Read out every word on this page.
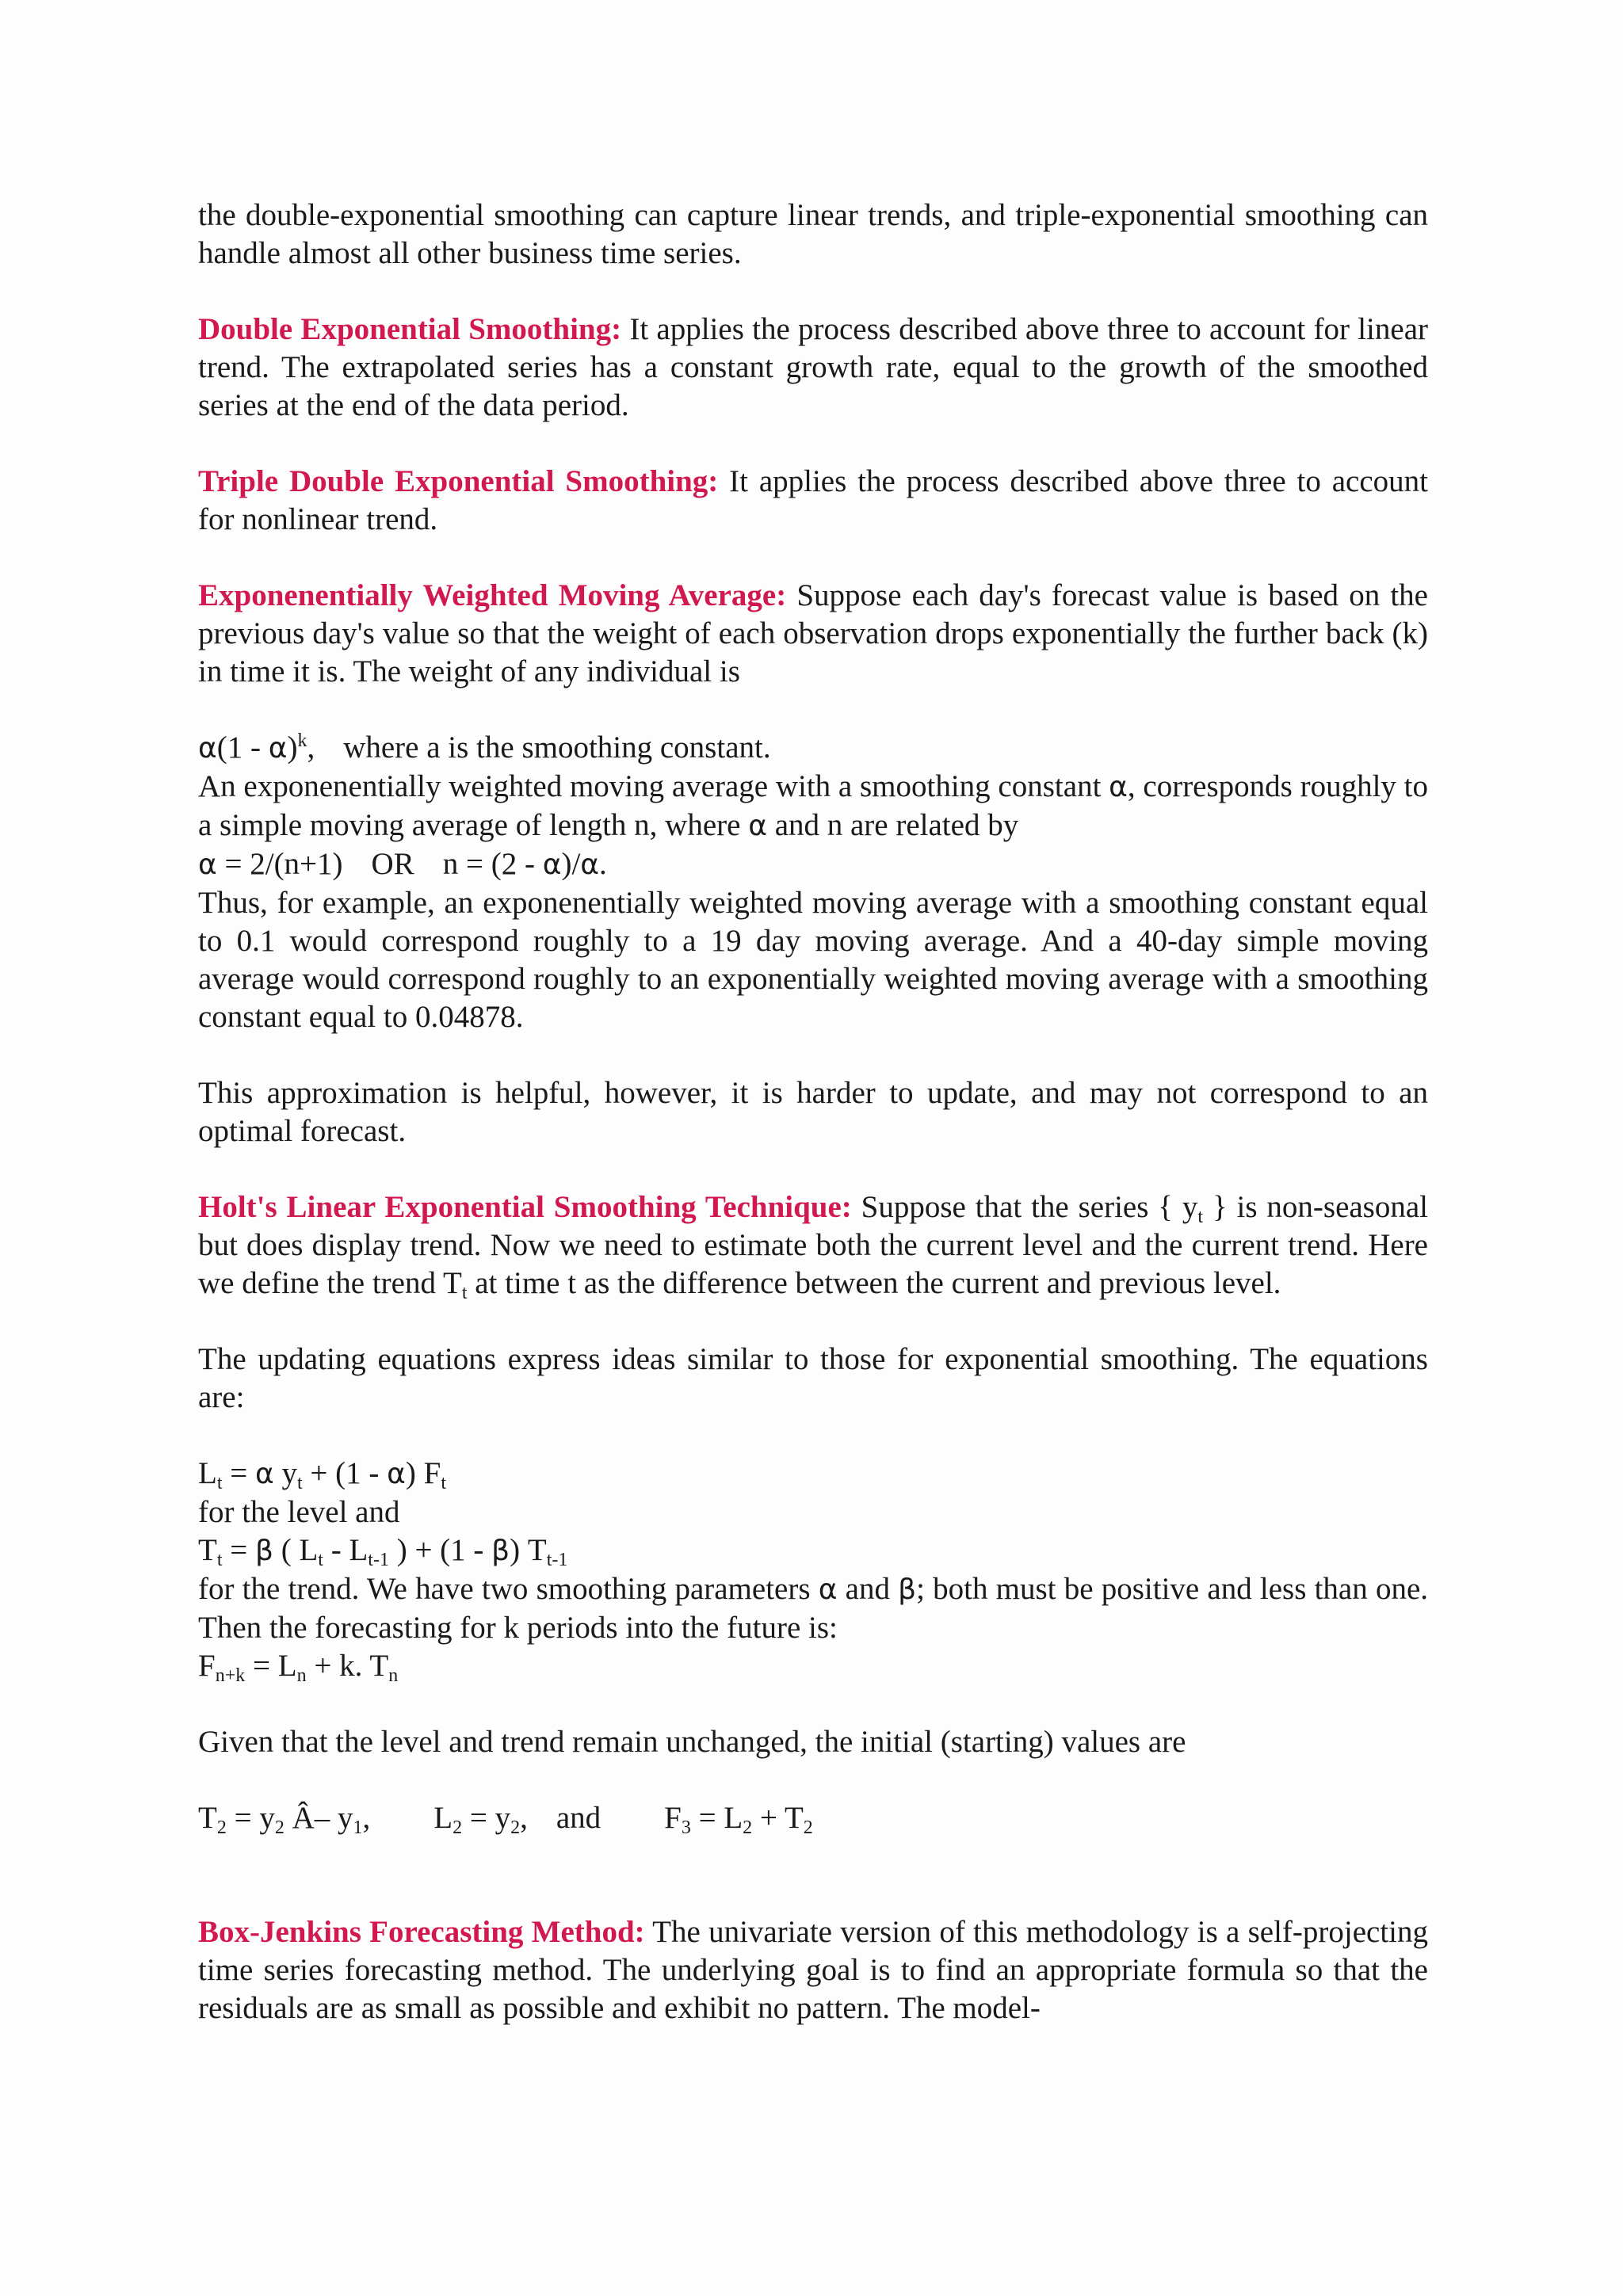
the double-exponential smoothing can capture linear trends, and triple-exponential smoothing can handle almost all other business time series.

Double Exponential Smoothing: It applies the process described above three to account for linear trend. The extrapolated series has a constant growth rate, equal to the growth of the smoothed series at the end of the data period.

Triple Double Exponential Smoothing: It applies the process described above three to account for nonlinear trend.

Exponenentially Weighted Moving Average: Suppose each day's forecast value is based on the previous day's value so that the weight of each observation drops exponentially the further back (k) in time it is. The weight of any individual is

α(1 - α)$^k$, where a is the smoothing constant.

An exponenentially weighted moving average with a smoothing constant α, corresponds roughly to a simple moving average of length n, where α and n are related by

α = 2/(n+1) OR n = (2 - α)/α.

Thus, for example, an exponenentially weighted moving average with a smoothing constant equal to 0.1 would correspond roughly to a 19 day moving average. And a 40-day simple moving average would correspond roughly to an exponentially weighted moving average with a smoothing constant equal to 0.04878.

This approximation is helpful, however, it is harder to update, and may not correspond to an optimal forecast.

Holt's Linear Exponential Smoothing Technique: Suppose that the series { $y_t$ } is non-seasonal but does display trend. Now we need to estimate both the current level and the current trend. Here we define the trend $T_t$ at time t as the difference between the current and previous level.

The updating equations express ideas similar to those for exponential smoothing. The equations are:

$L_t = \alpha$ $y_t + (1 - \alpha)$ $F_t$
for the level and
$T_t = \beta$ ( $L_t - L_{t-1}$ ) + (1 - β) $T_{t-1}$

for the trend. We have two smoothing parameters α and β; both must be positive and less than one. Then the forecasting for k periods into the future is:

$F_{n+k} = L_n + k$. $T_n$

Given that the level and trend remain unchanged, the initial (starting) values are

$T_2 = y_2$ Â– $y_1$, $L_2 = y_2$, and $F_3 = L_2 + T_2$

Box-Jenkins Forecasting Method: The univariate version of this methodology is a self-projecting time series forecasting method. The underlying goal is to find an appropriate formula so that the residuals are as small as possible and exhibit no pattern. The model-
